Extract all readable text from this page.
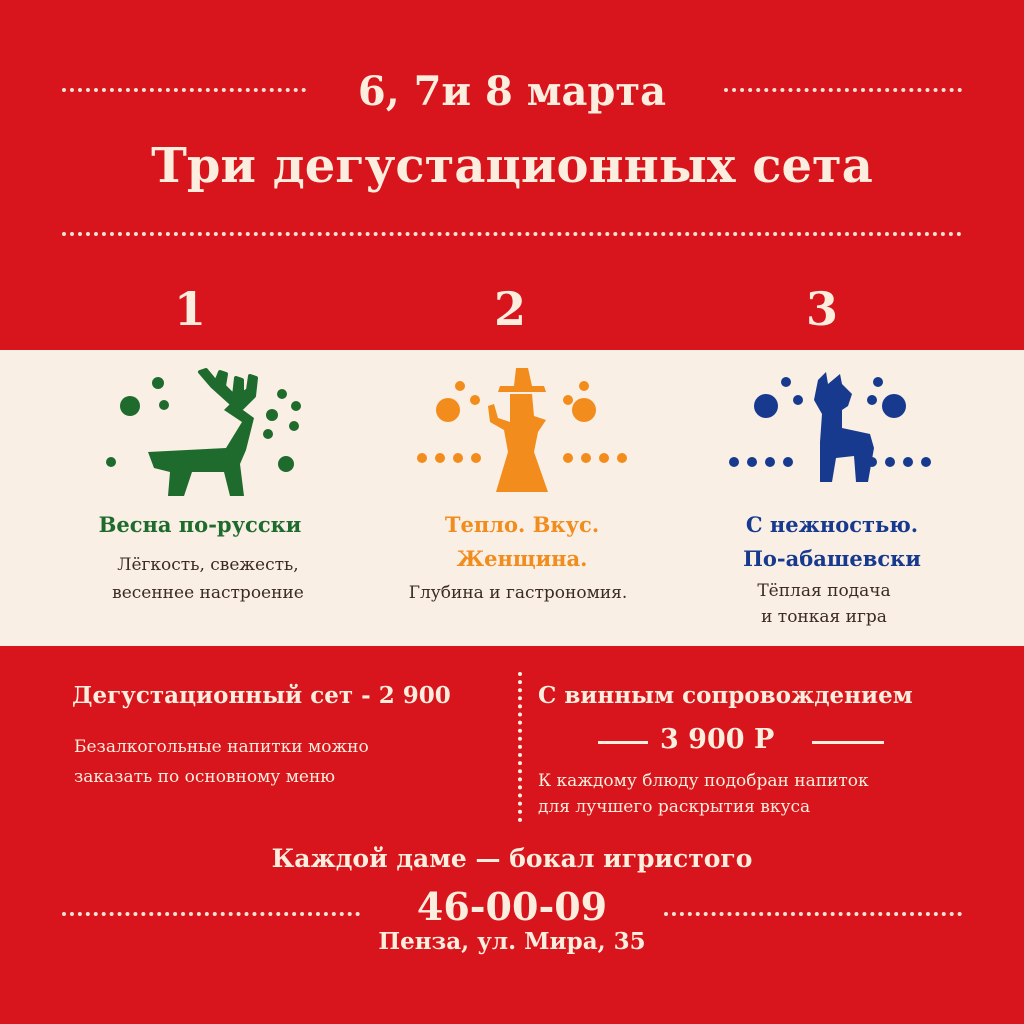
6, 7и 8 марта
Три дегустационных сета
1	2	3
Весна по-русски
Лёгкость, свежесть,
весеннее настроение
Тепло. Вкус.
Женщина.
Глубина и гастрономия.
С нежностью.
По-абашевски
Тёплая подача
и тонкая игра
Дегустационный сет - 2 900
Безалкогольные напитки можно
заказать по основному меню
С винным сопровождением
3 900 Р
К каждому блюду подобран напиток
для лучшего раскрытия вкуса
Каждой даме — бокал игристого
46-00-09
Пенза, ул. Мира, 35
